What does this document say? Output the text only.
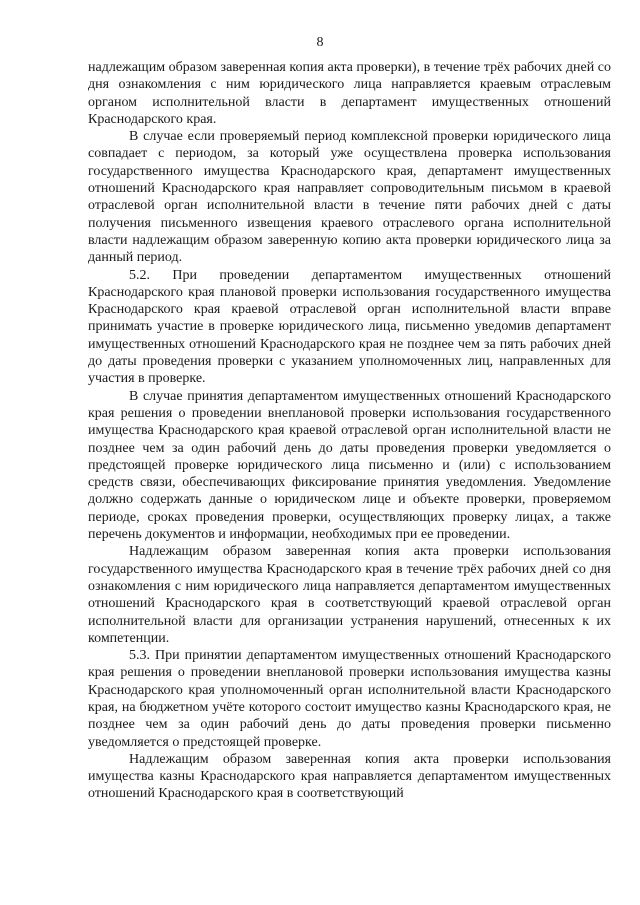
8

надлежащим образом заверенная копия акта проверки), в течение трёх рабочих дней со дня ознакомления с ним юридического лица направляется краевым отраслевым органом исполнительной власти в департамент имущественных отношений Краснодарского края.

В случае если проверяемый период комплексной проверки юридического лица совпадает с периодом, за который уже осуществлена проверка использования государственного имущества Краснодарского края, департамент имущественных отношений Краснодарского края направляет сопроводительным письмом в краевой отраслевой орган исполнительной власти в течение пяти рабочих дней с даты получения письменного извещения краевого отраслевого органа исполнительной власти надлежащим образом заверенную копию акта проверки юридического лица за данный период.

5.2. При проведении департаментом имущественных отношений Краснодарского края плановой проверки использования государственного имущества Краснодарского края краевой отраслевой орган исполнительной власти вправе принимать участие в проверке юридического лица, письменно уведомив департамент имущественных отношений Краснодарского края не позднее чем за пять рабочих дней до даты проведения проверки с указанием уполномоченных лиц, направленных для участия в проверке.

В случае принятия департаментом имущественных отношений Краснодарского края решения о проведении внеплановой проверки использования государственного имущества Краснодарского края краевой отраслевой орган исполнительной власти не позднее чем за один рабочий день до даты проведения проверки уведомляется о предстоящей проверке юридического лица письменно и (или) с использованием средств связи, обеспечивающих фиксирование принятия уведомления. Уведомление должно содержать данные о юридическом лице и объекте проверки, проверяемом периоде, сроках проведения проверки, осуществляющих проверку лицах, а также перечень документов и информации, необходимых при ее проведении.

Надлежащим образом заверенная копия акта проверки использования государственного имущества Краснодарского края в течение трёх рабочих дней со дня ознакомления с ним юридического лица направляется департаментом имущественных отношений Краснодарского края в соответствующий краевой отраслевой орган исполнительной власти для организации устранения нарушений, отнесенных к их компетенции.

5.3. При принятии департаментом имущественных отношений Краснодарского края решения о проведении внеплановой проверки использования имущества казны Краснодарского края уполномоченный орган исполнительной власти Краснодарского края, на бюджетном учёте которого состоит имущество казны Краснодарского края, не позднее чем за один рабочий день до даты проведения проверки письменно уведомляется о предстоящей проверке.

Надлежащим образом заверенная копия акта проверки использования имущества казны Краснодарского края направляется департаментом имущественных отношений Краснодарского края в соответствующий
